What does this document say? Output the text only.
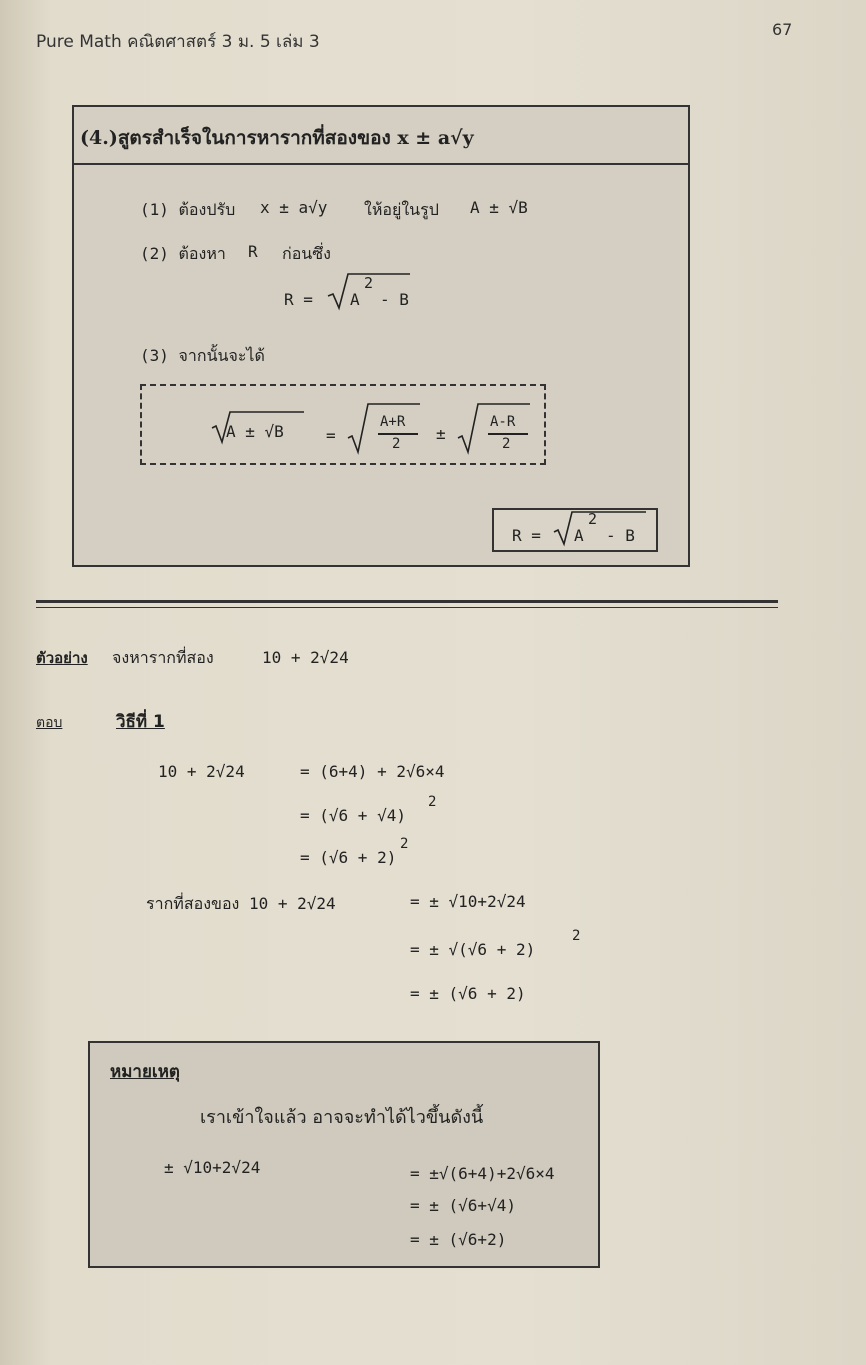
Pure Math คณิตศาสตร์ 3 ม. 5 เล่ม 3
67
(4.)สูตรสำเร็จในการหารากที่สองของ x ± a√y
(1) ต้องปรับ x ± a√y ให้อยู่ในรูป A ± √B
(2) ต้องหา R ก่อนซึ่ง
R = A
2
- B
(3) จากนั้นจะได้
A ± √B	=
A+R
2
±
A-R
2
R = A
2
- B
ตัวอย่าง จงหารากที่สอง	10 + 2√24
ตอบ	วิธีที่ 1
10 + 2√24	= (6+4) + 2√6×4
= (√6 + √4)
2
= (√6 + 2)
2
รากที่สองของ 10 + 2√24	= ± √10+2√24
= ± √(√6 + 2)
2
= ± (√6 + 2)
หมายเหตุ
เราเข้าใจแล้ว อาจจะทำได้ไวขึ้นดังนี้
± √10+2√24	= ±√(6+4)+2√6×4
= ± (√6+√4)
= ± (√6+2)
